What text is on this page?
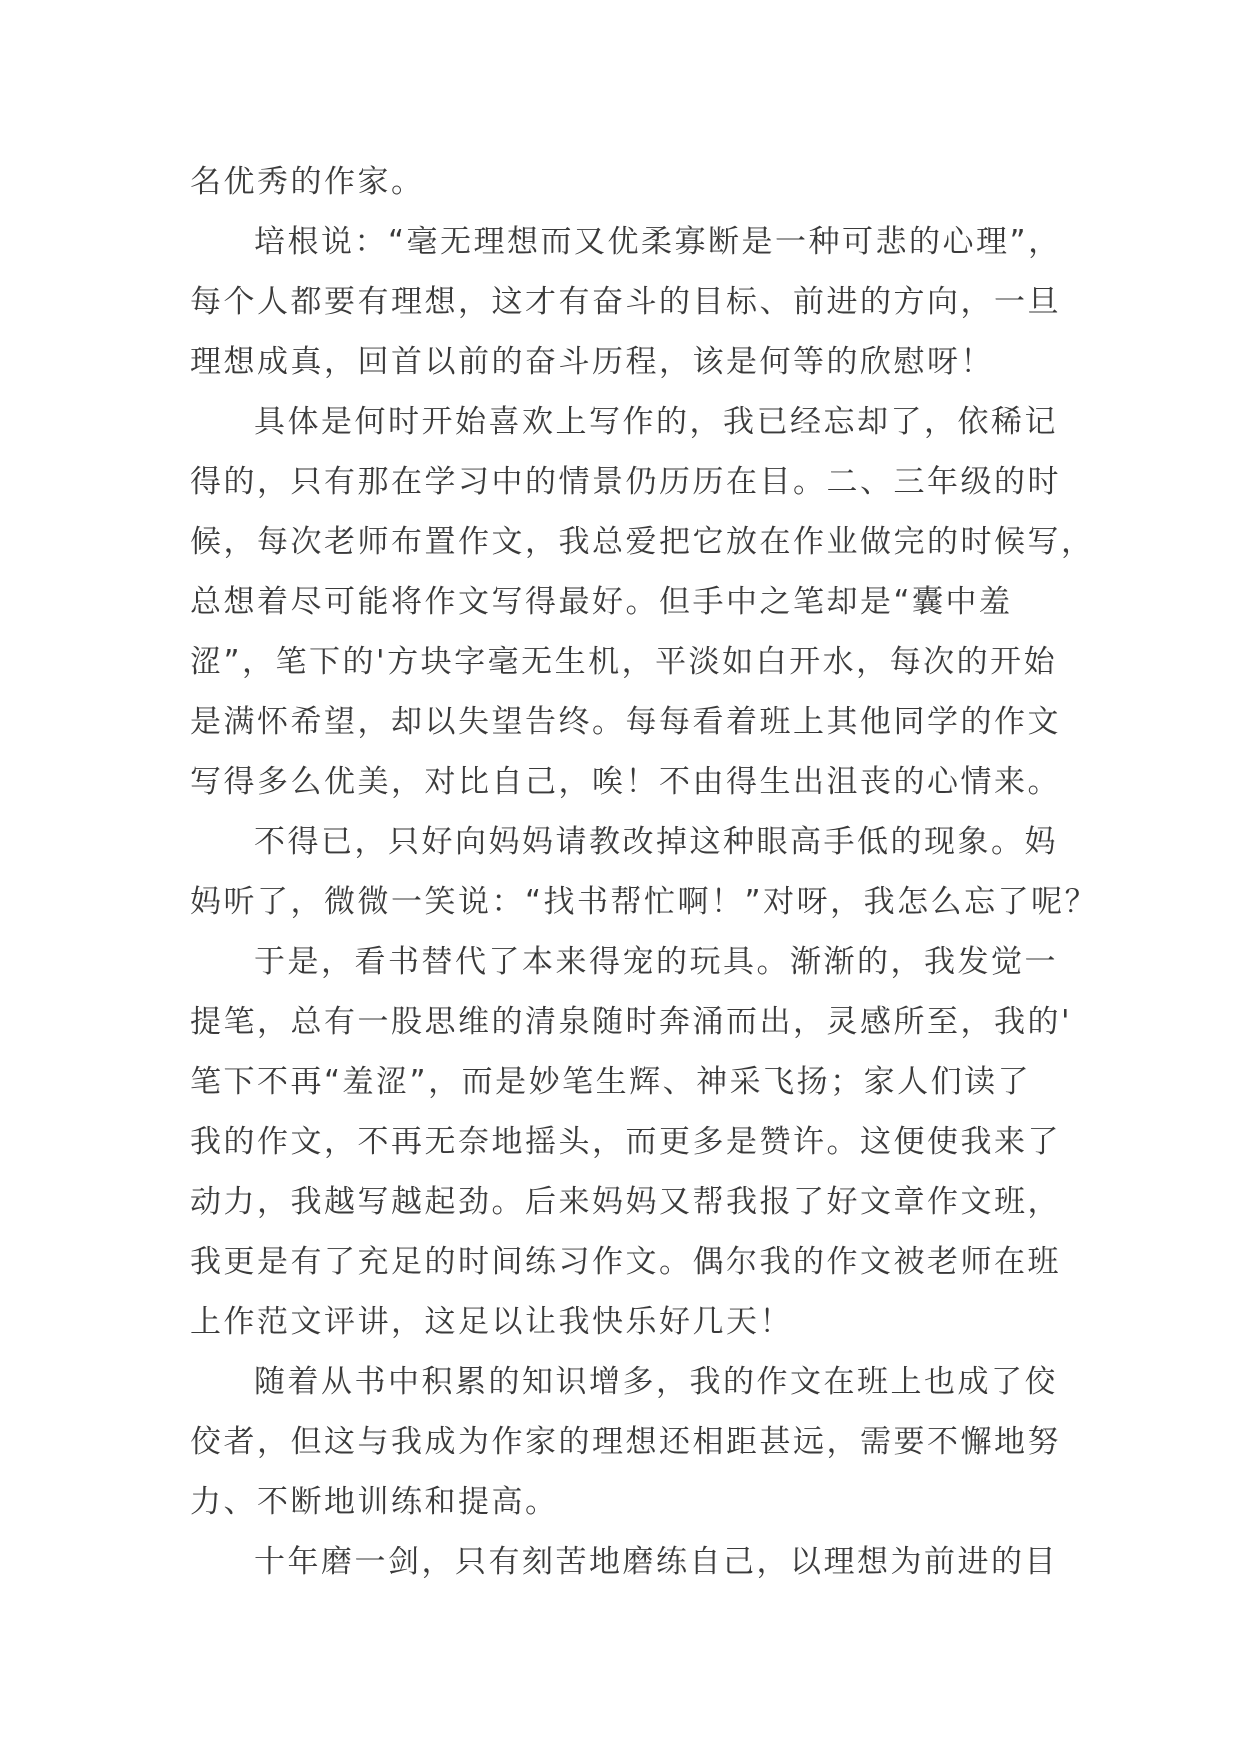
名优秀的作家。
培根说：“毫无理想而又优柔寡断是一种可悲的心理”，
每个人都要有理想，这才有奋斗的目标、前进的方向，一旦
理想成真，回首以前的奋斗历程，该是何等的欣慰呀！
具体是何时开始喜欢上写作的，我已经忘却了，依稀记
得的，只有那在学习中的情景仍历历在目。二、三年级的时
候，每次老师布置作文，我总爱把它放在作业做完的时候写，
总想着尽可能将作文写得最好。但手中之笔却是“囊中羞
涩”，笔下的'方块字毫无生机，平淡如白开水，每次的开始
是满怀希望，却以失望告终。每每看着班上其他同学的作文
写得多么优美，对比自己，唉！不由得生出沮丧的心情来。
不得已，只好向妈妈请教改掉这种眼高手低的现象。妈
妈听了，微微一笑说：“找书帮忙啊！”对呀，我怎么忘了呢？
于是，看书替代了本来得宠的玩具。渐渐的，我发觉一
提笔，总有一股思维的清泉随时奔涌而出，灵感所至，我的'
笔下不再“羞涩”，而是妙笔生辉、神采飞扬；家人们读了
我的作文，不再无奈地摇头，而更多是赞许。这便使我来了
动力，我越写越起劲。后来妈妈又帮我报了好文章作文班，
我更是有了充足的时间练习作文。偶尔我的作文被老师在班
上作范文评讲，这足以让我快乐好几天！
随着从书中积累的知识增多，我的作文在班上也成了佼
佼者，但这与我成为作家的理想还相距甚远，需要不懈地努
力、不断地训练和提高。
十年磨一剑，只有刻苦地磨练自己，以理想为前进的目
